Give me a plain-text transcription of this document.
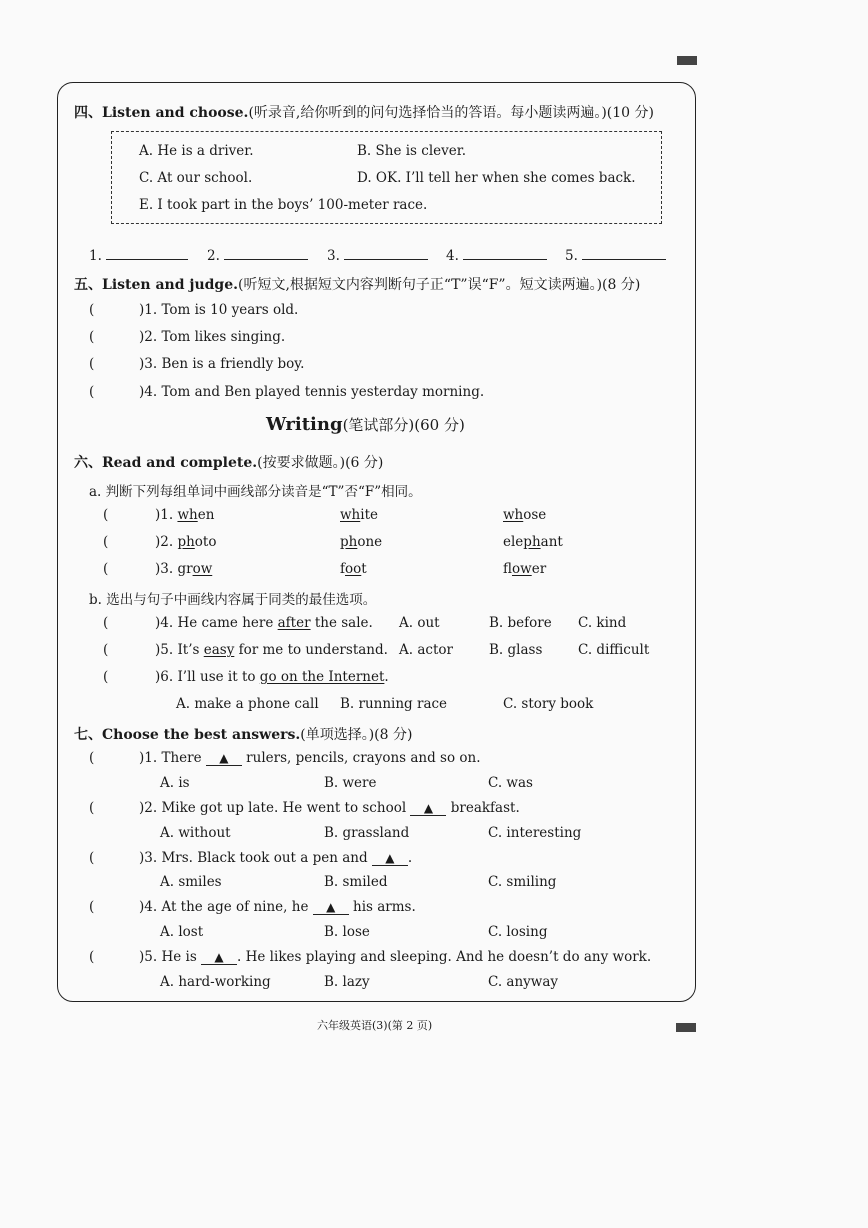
四、Listen and choose.(听录音,给你听到的问句选择恰当的答语。每小题读两遍。)(10 分)
A. He is a driver.	B. She is clever.
C. At our school.	D. OK. I’ll tell her when she comes back.
E. I took part in the boys’ 100-meter race.
1.	2.	3.	4.	5.
五、Listen and judge.(听短文,根据短文内容判断句子正“T”误“F”。短文读两遍。)(8 分)
(	)1. Tom is 10 years old.
(	)2. Tom likes singing.
(	)3. Ben is a friendly boy.
(	)4. Tom and Ben played tennis yesterday morning.
Writing(笔试部分)(60 分)
六、Read and complete.(按要求做题。)(6 分)
a. 判断下列每组单词中画线部分读音是“T”否“F”相同。
(	)1. when	white	whose
(	)2. photo	phone	elephant
(	)3. grow	foot	flower
b. 选出与句子中画线内容属于同类的最佳选项。
(	)4. He came here after the sale. A. out	B. before C. kind
(	)5. It’s easy for me to understand. A. actor	B. glass	C. difficult
(	)6. I’ll use it to go on the Internet.
A. make a phone call B. running race	C. story book
七、Choose the best answers.(单项选择。)(8 分)
(	)1. There ▲ rulers, pencils, crayons and so on.
A. is	B. were	C. was
(	)2. Mike got up late. He went to school ▲ breakfast.
A. without	B. grassland	C. interesting
(	)3. Mrs. Black took out a pen and ▲ .
A. smiles	B. smiled	C. smiling
(	)4. At the age of nine, he ▲ his arms.
A. lost	B. lose	C. losing
(	)5. He is ▲ . He likes playing and sleeping. And he doesn’t do any work.
A. hard-working	B. lazy	C. anyway
六年级英语(3)(第 2 页)
